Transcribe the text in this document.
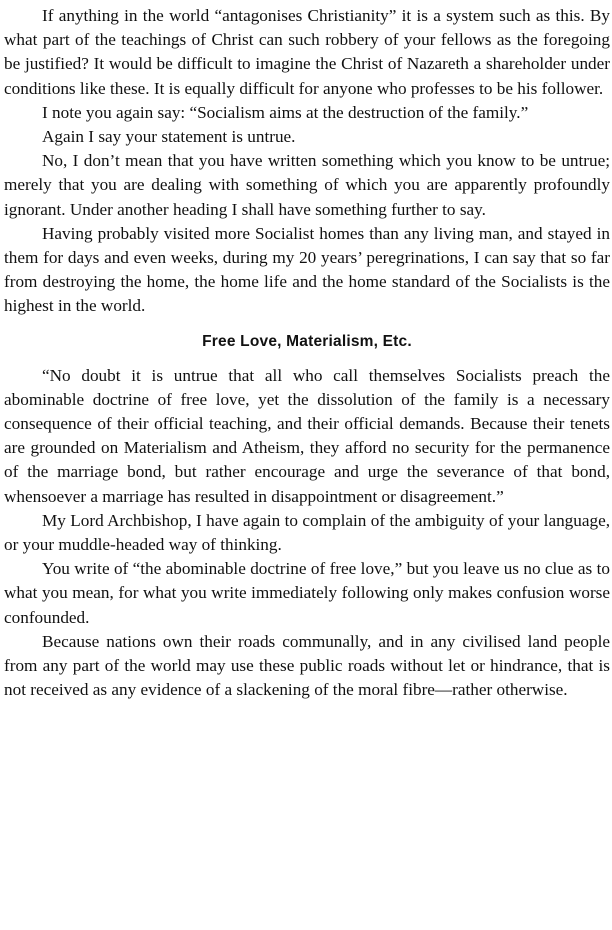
If anything in the world “antagonises Christianity” it is a system such as this. By what part of the teachings of Christ can such robbery of your fellows as the foregoing be justified? It would be difficult to imagine the Christ of Nazareth a shareholder under conditions like these. It is equally difficult for anyone who professes to be his follower.

I note you again say: “Socialism aims at the destruction of the family.”

Again I say your statement is untrue.

No, I don’t mean that you have written something which you know to be untrue; merely that you are dealing with something of which you are apparently profoundly ignorant. Under another heading I shall have something further to say.

Having probably visited more Socialist homes than any living man, and stayed in them for days and even weeks, during my 20 years’ peregrinations, I can say that so far from destroying the home, the home life and the home standard of the Socialists is the highest in the world.

Free Love, Materialism, Etc.

“No doubt it is untrue that all who call themselves Socialists preach the abominable doctrine of free love, yet the dissolution of the family is a necessary consequence of their official teaching, and their official demands. Because their tenets are grounded on Materialism and Atheism, they afford no security for the permanence of the marriage bond, but rather encourage and urge the severance of that bond, whensoever a marriage has resulted in disappointment or disagreement.”

My Lord Archbishop, I have again to complain of the ambiguity of your language, or your muddle-headed way of thinking.

You write of “the abominable doctrine of free love,” but you leave us no clue as to what you mean, for what you write immediately following only makes confusion worse confounded.

Because nations own their roads communally, and in any civilised land people from any part of the world may use these public roads without let or hindrance, that is not received as any evidence of a slackening of the moral fibre—rather otherwise.
